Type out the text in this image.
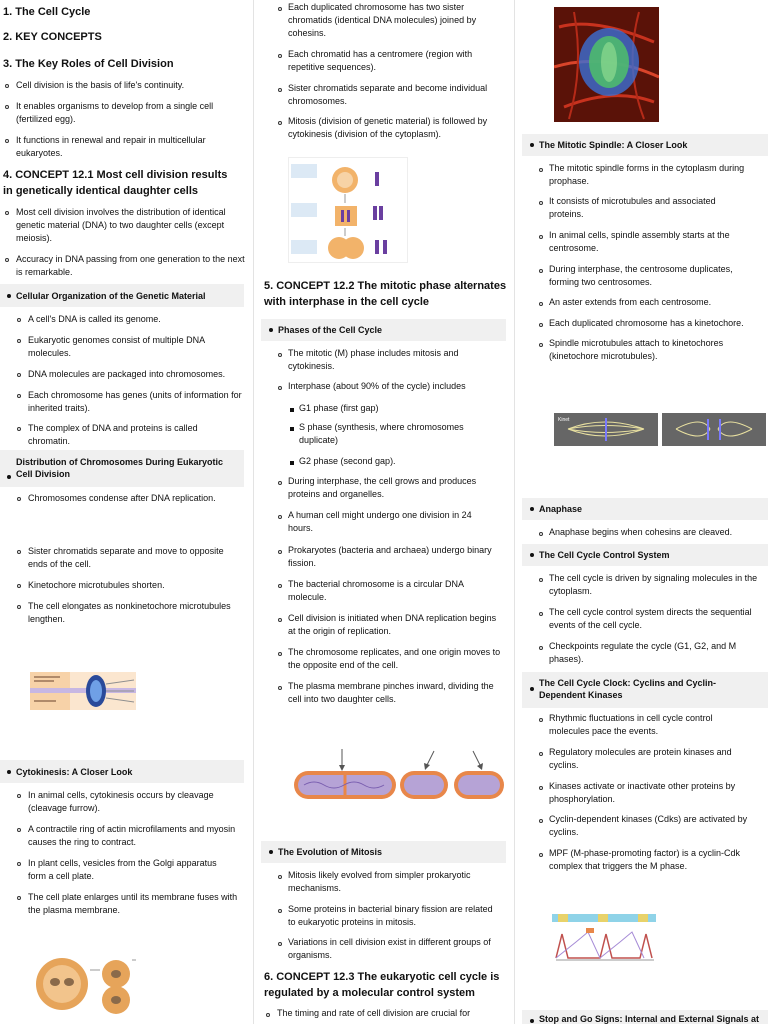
1. The Cell Cycle

2. KEY CONCEPTS

3. The Key Roles of Cell Division

Cell division is the basis of life's continuity.

It enables organisms to develop from a single cell (fertilized egg).

It functions in renewal and repair in multicellular eukaryotes.

4. CONCEPT 12.1 Most cell division results in genetically identical daughter cells

Most cell division involves the distribution of identical genetic material (DNA) to two daughter cells (except meiosis).

Accuracy in DNA passing from one generation to the next is remarkable.

Cellular Organization of the Genetic Material

A cell's DNA is called its genome.

Eukaryotic genomes consist of multiple DNA molecules.

DNA molecules are packaged into chromosomes.

Each chromosome has genes (units of information for inherited traits).

The complex of DNA and proteins is called chromatin.

Distribution of Chromosomes During Eukaryotic Cell Division

Chromosomes condense after DNA replication.

Sister chromatids separate and move to opposite ends of the cell.

Kinetochore microtubules shorten.

The cell elongates as nonkinetochore microtubules lengthen.

Cytokinesis: A Closer Look

In animal cells, cytokinesis occurs by cleavage (cleavage furrow).

A contractile ring of actin microfilaments and myosin causes the ring to contract.

In plant cells, vesicles from the Golgi apparatus form a cell plate.

The cell plate enlarges until its membrane fuses with the plasma membrane.

Each duplicated chromosome has two sister chromatids (identical DNA molecules) joined by cohesins.

Each chromatid has a centromere (region with repetitive sequences).

Sister chromatids separate and become individual chromosomes.

Mitosis (division of genetic material) is followed by cytokinesis (division of the cytoplasm).

5. CONCEPT 12.2 The mitotic phase alternates with interphase in the cell cycle

Phases of the Cell Cycle

The mitotic (M) phase includes mitosis and cytokinesis.

Interphase (about 90% of the cycle) includes

G1 phase (first gap)

S phase (synthesis, where chromosomes duplicate)

G2 phase (second gap).

During interphase, the cell grows and produces proteins and organelles.

A human cell might undergo one division in 24 hours.

Prokaryotes (bacteria and archaea) undergo binary fission.

The bacterial chromosome is a circular DNA molecule.

Cell division is initiated when DNA replication begins at the origin of replication.

The chromosome replicates, and one origin moves to the opposite end of the cell.

The plasma membrane pinches inward, dividing the cell into two daughter cells.

The Evolution of Mitosis

Mitosis likely evolved from simpler prokaryotic mechanisms.

Some proteins in bacterial binary fission are related to eukaryotic proteins in mitosis.

Variations in cell division exist in different groups of organisms.

6. CONCEPT 12.3 The eukaryotic cell cycle is regulated by a molecular control system

The timing and rate of cell division are crucial for

The Mitotic Spindle: A Closer Look

The mitotic spindle forms in the cytoplasm during prophase.

It consists of microtubules and associated proteins.

In animal cells, spindle assembly starts at the centrosome.

During interphase, the centrosome duplicates, forming two centrosomes.

An aster extends from each centrosome.

Each duplicated chromosome has a kinetochore.

Spindle microtubules attach to kinetochores (kinetochore microtubules).

Kinet

Anaphase

Anaphase begins when cohesins are cleaved.

The Cell Cycle Control System

The cell cycle is driven by signaling molecules in the cytoplasm.

The cell cycle control system directs the sequential events of the cell cycle.

Checkpoints regulate the cycle (G1, G2, and M phases).

The Cell Cycle Clock: Cyclins and Cyclin-Dependent Kinases

Rhythmic fluctuations in cell cycle control molecules pace the events.

Regulatory molecules are protein kinases and cyclins.

Kinases activate or inactivate other proteins by phosphorylation.

Cyclin-dependent kinases (Cdks) are activated by cyclins.

MPF (M-phase-promoting factor) is a cyclin-Cdk complex that triggers the M phase.

Stop and Go Signs: Internal and External Signals at
